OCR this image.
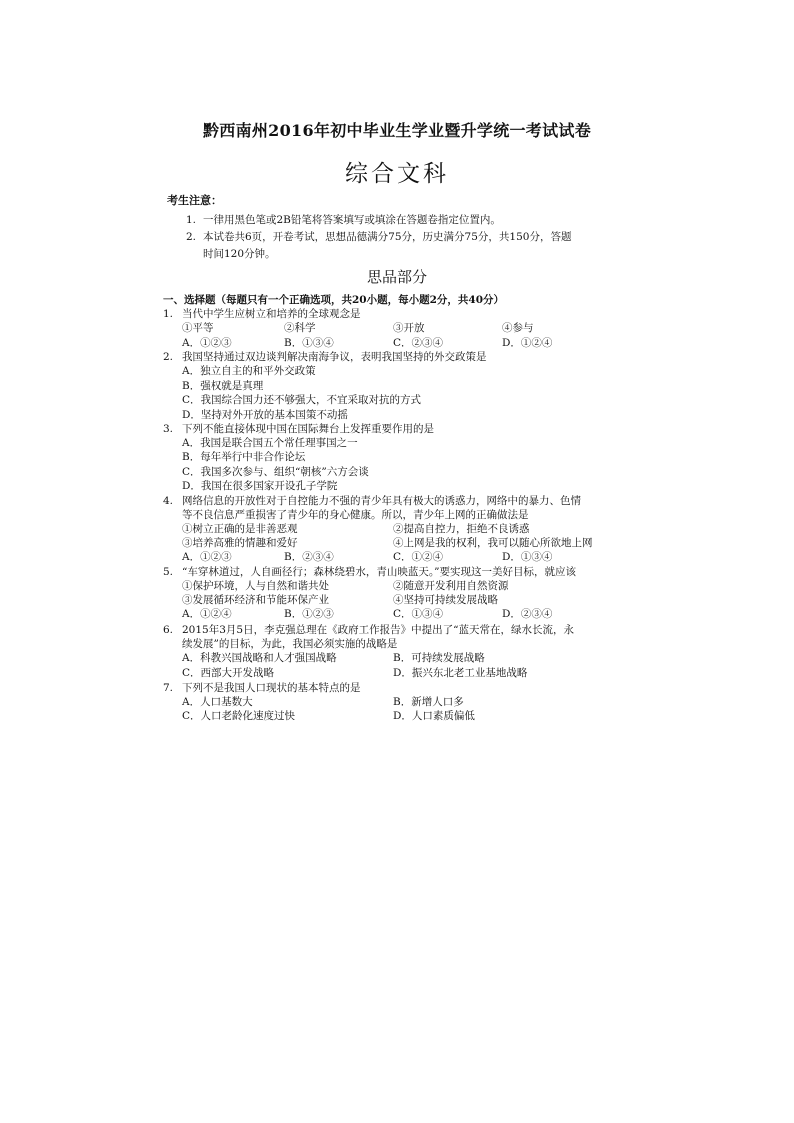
黔西南州2016年初中毕业生学业暨升学统一考试试卷
综合文科
考生注意：
1. 一律用黑色笔或2B铅笔将答案填写或填涂在答题卷指定位置内。
2. 本试卷共6页，开卷考试，思想品德满分75分，历史满分75分，共150分，答题
时间120分钟。
思品部分
一、选择题（每题只有一个正确选项，共20小题，每小题2分，共40分）
1. 当代中学生应树立和培养的全球观念是
①平等	②科学	③开放	④参与
A．①②③	B．①③④	C．②③④	D．①②④
2. 我国坚持通过双边谈判解决南海争议，表明我国坚持的外交政策是
A．独立自主的和平外交政策
B．强权就是真理
C．我国综合国力还不够强大，不宜采取对抗的方式
D．坚持对外开放的基本国策不动摇
3. 下列不能直接体现中国在国际舞台上发挥重要作用的是
A．我国是联合国五个常任理事国之一
B．每年举行中非合作论坛
C．我国多次参与、组织“朝核”六方会谈
D．我国在很多国家开设孔子学院
4. 网络信息的开放性对于自控能力不强的青少年具有极大的诱惑力，网络中的暴力、色情
等不良信息严重损害了青少年的身心健康。所以，青少年上网的正确做法是
①树立正确的是非善恶观	②提高自控力，拒绝不良诱惑
③培养高雅的情趣和爱好	④上网是我的权利，我可以随心所欲地上网
A．①②③	B．②③④	C．①②④	D．①③④
5. “车穿林道过，人自画径行；森林绕碧水，青山映蓝天。”要实现这一美好目标，就应该
①保护环境，人与自然和谐共处	②随意开发利用自然资源
③发展循环经济和节能环保产业	④坚持可持续发展战略
A．①②④	B．①②③	C．①③④	D．②③④
6. 2015年3月5日，李克强总理在《政府工作报告》中提出了“蓝天常在，绿水长流，永
续发展”的目标，为此，我国必须实施的战略是
A．科教兴国战略和人才强国战略	B．可持续发展战略
C．西部大开发战略	D．振兴东北老工业基地战略
7. 下列不是我国人口现状的基本特点的是
A．人口基数大	B．新增人口多
C．人口老龄化速度过快	D．人口素质偏低
